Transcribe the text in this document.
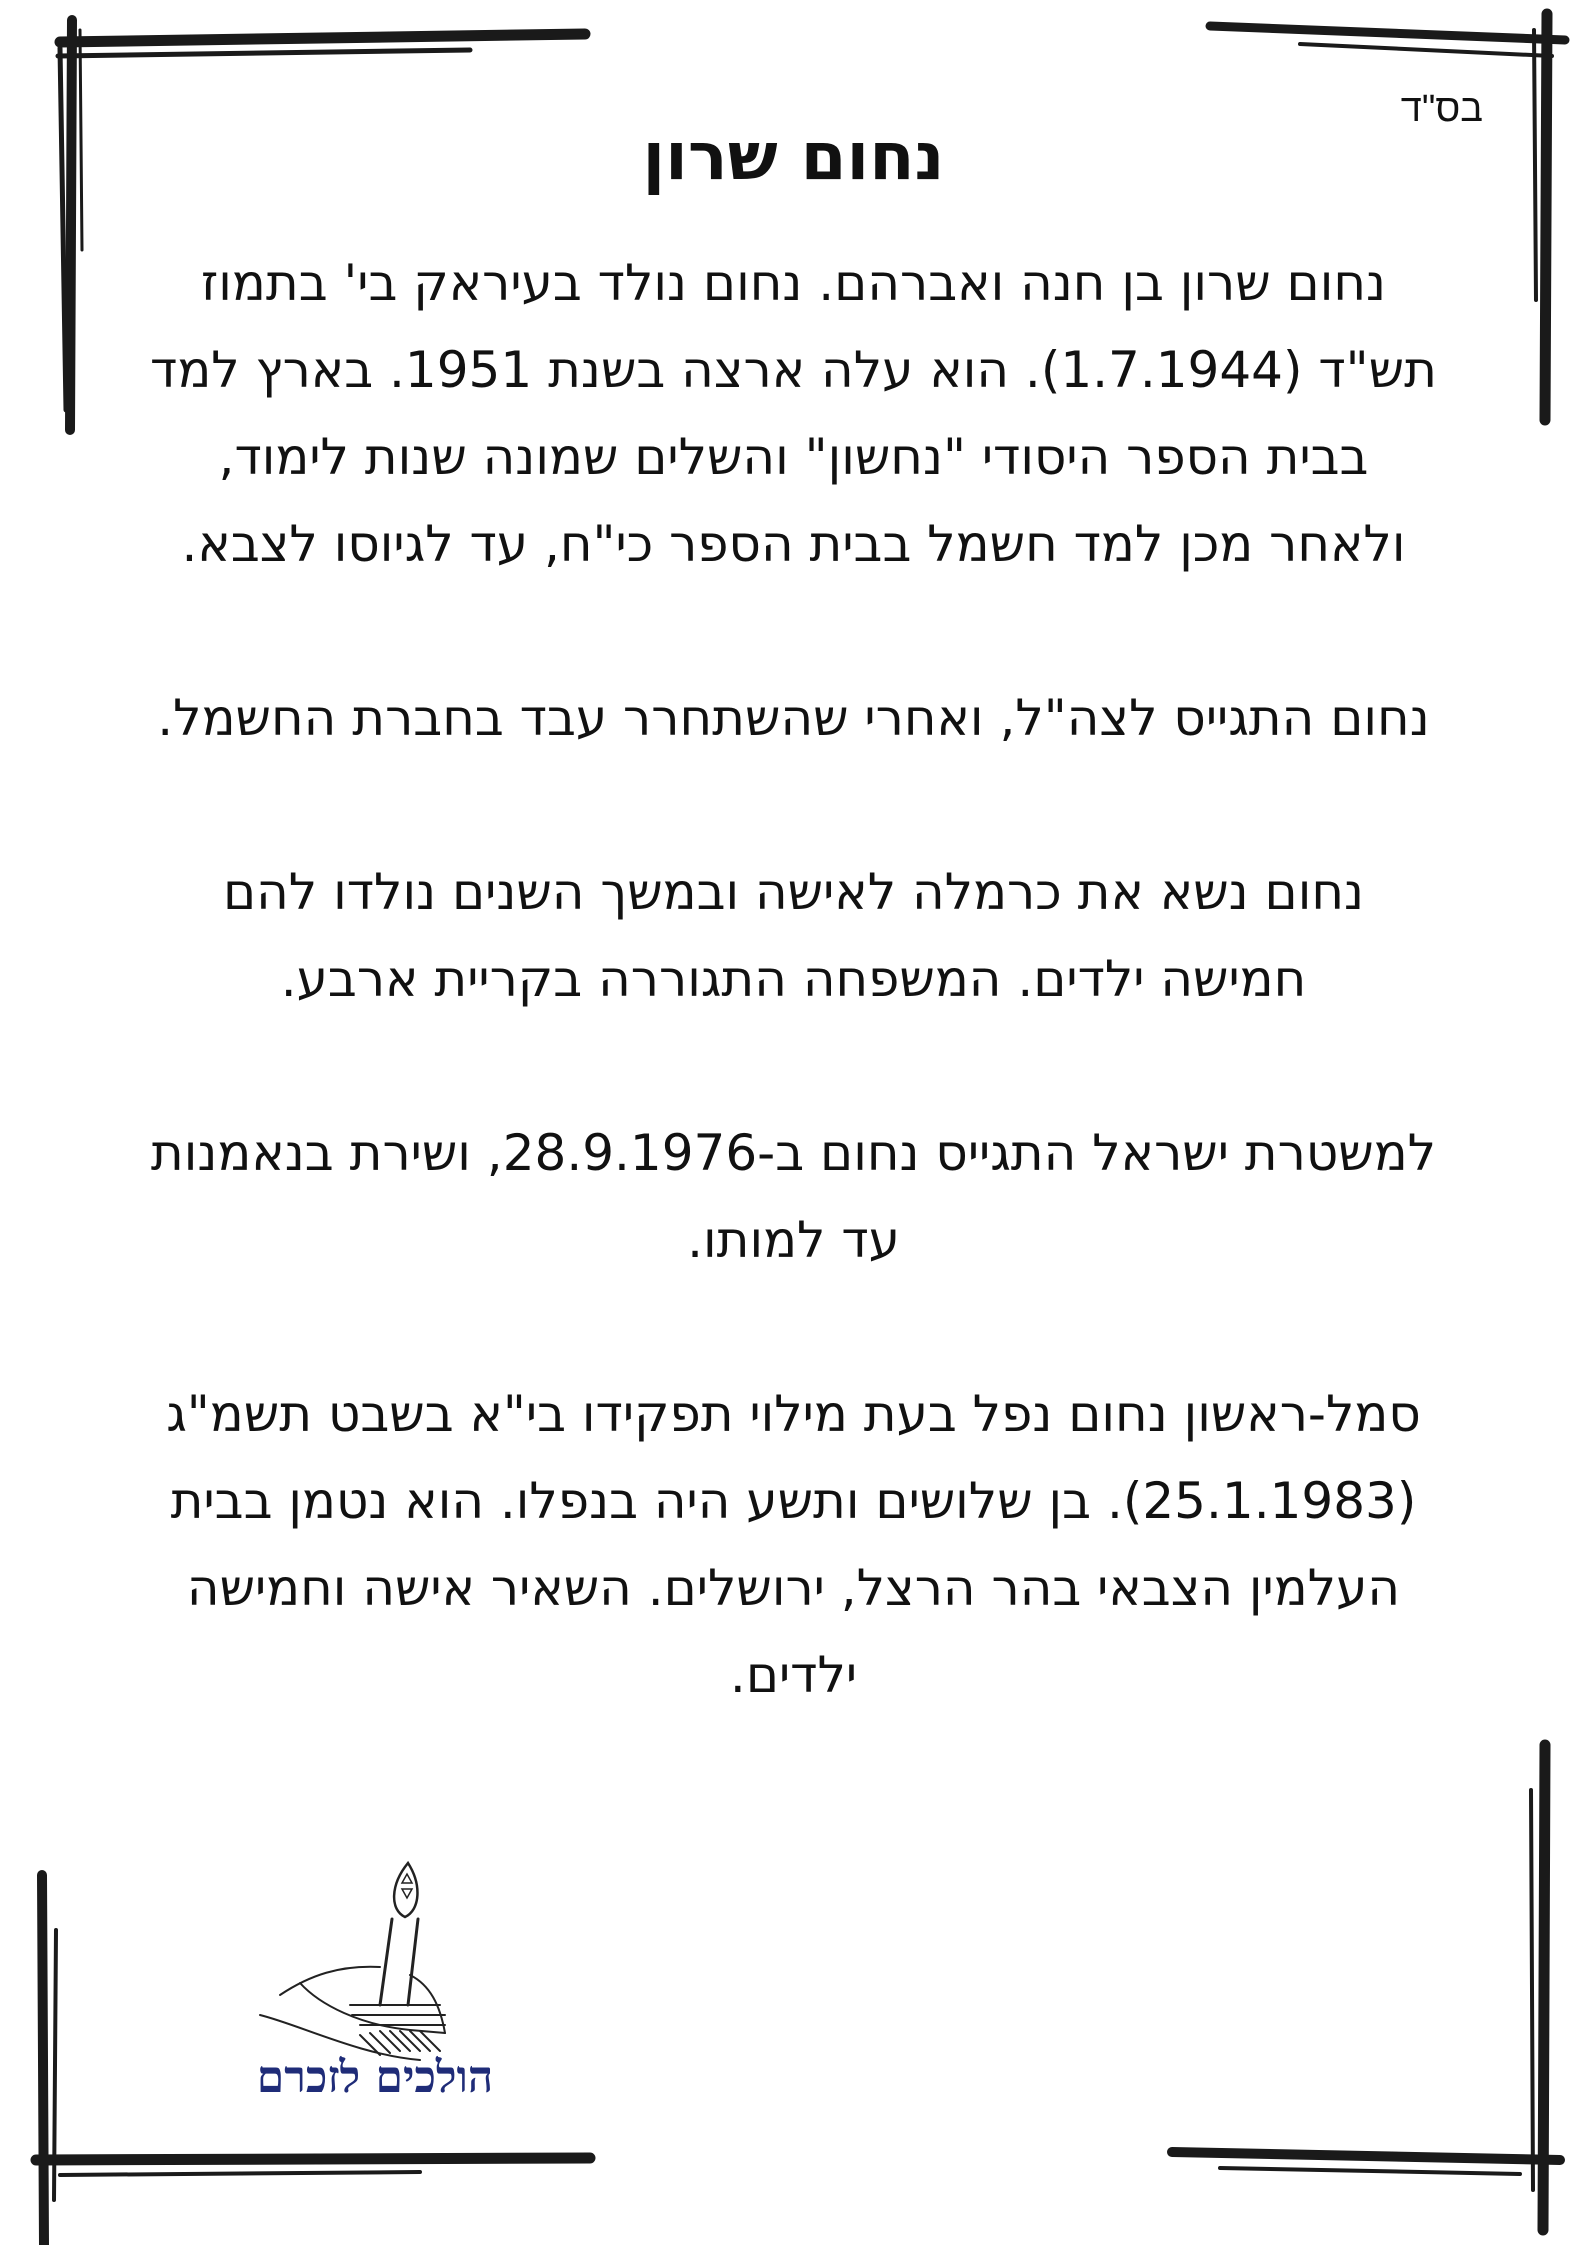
בס"ד
נחום שרון

נחום שרון בן חנה ואברהם. נחום נולד בעיראק בי' בתמוז תש"ד (1.7.1944). הוא עלה ארצה בשנת 1951. בארץ למד בבית הספר היסודי "נחשון" והשלים שמונה שנות לימוד, ולאחר מכן למד חשמל בבית הספר כי"ח, עד לגיוסו לצבא.

נחום התגייס לצה"ל, ואחרי שהשתחרר עבד בחברת החשמל.

נחום נשא את כרמלה לאישה ובמשך השנים נולדו להם חמישה ילדים. המשפחה התגוררה בקריית ארבע.

למשטרת ישראל התגייס נחום ב-28.9.1976, ושירת בנאמנות עד למותו.

סמל-ראשון נחום נפל בעת מילוי תפקידו בי"א בשבט תשמ"ג (25.1.1983). בן שלושים ותשע היה בנפלו. הוא נטמן בבית העלמין הצבאי בהר הרצל, ירושלים. השאיר אישה וחמישה ילדים.

הולכים לזכרם
